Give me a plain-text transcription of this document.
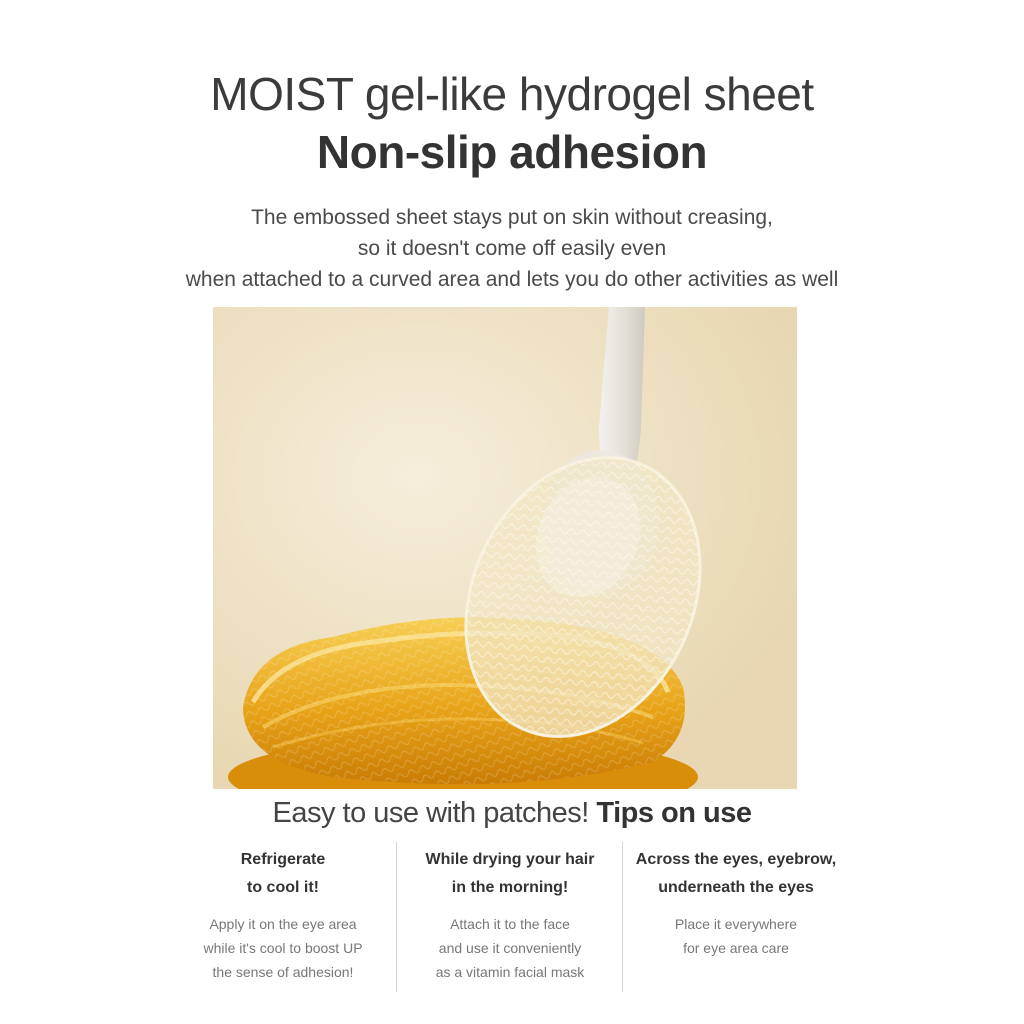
MOIST gel-like hydrogel sheet
Non-slip adhesion
The embossed sheet stays put on skin without creasing,
so it doesn't come off easily even
when attached to a curved area and lets you do other activities as well
Easy to use with patches! Tips on use
Refrigerate
to cool it!
Apply it on the eye area
while it's cool to boost UP
the sense of adhesion!
While drying your hair
in the morning!
Attach it to the face
and use it conveniently
as a vitamin facial mask
Across the eyes, eyebrow,
underneath the eyes
Place it everywhere
for eye area care
